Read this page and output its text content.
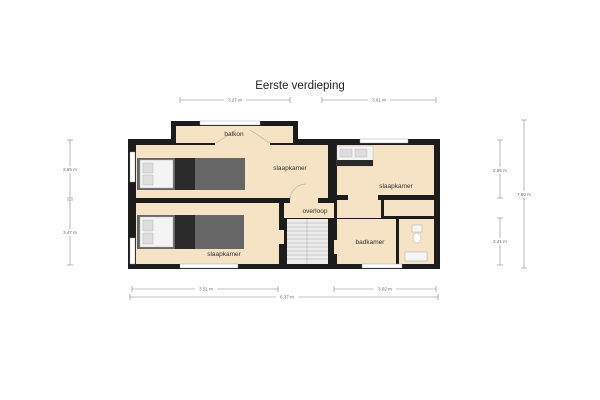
Eerste verdieping
3.27 m	3.61 m
2.65 m
3.47 m
2.55 m
2.41 m
7.60 m
3.51 m	3.02 m
6.37 m
balkon
slaapkamer
slaapkamer
slaapkamer
overloop
badkamer
